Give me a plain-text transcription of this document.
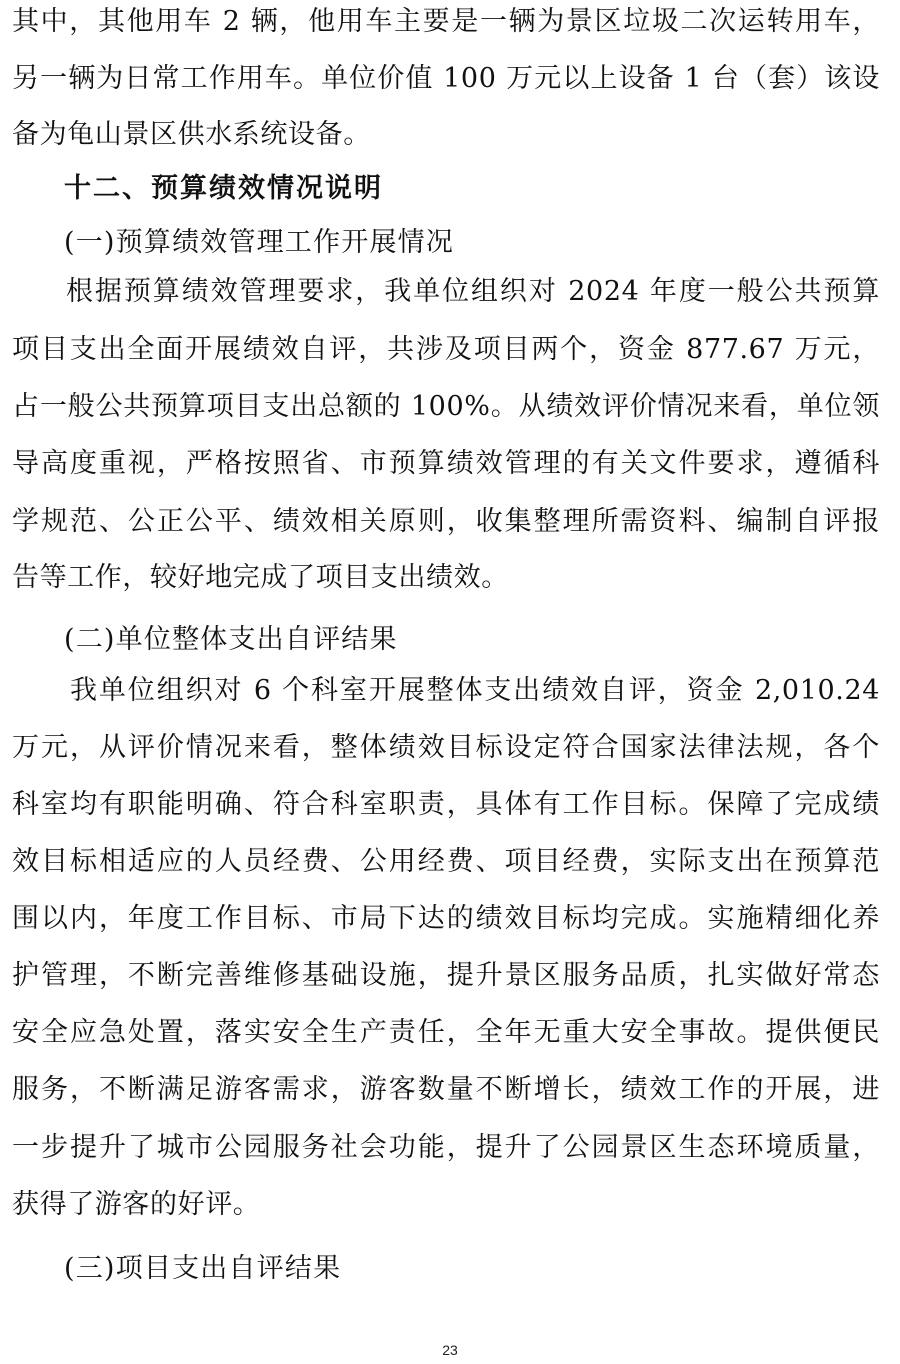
其中，其他用车 2 辆，他用车主要是一辆为景区垃圾二次运转用车，
另一辆为日常工作用车。单位价值 100 万元以上设备 1 台（套）该设
备为龟山景区供水系统设备。
十二、预算绩效情况说明
(一)预算绩效管理工作开展情况
根据预算绩效管理要求，我单位组织对 2024 年度一般公共预算
项目支出全面开展绩效自评，共涉及项目两个，资金 877.67 万元，
占一般公共预算项目支出总额的 100%。从绩效评价情况来看，单位领
导高度重视，严格按照省、市预算绩效管理的有关文件要求，遵循科
学规范、公正公平、绩效相关原则，收集整理所需资料、编制自评报
告等工作，较好地完成了项目支出绩效。
(二)单位整体支出自评结果
我单位组织对 6 个科室开展整体支出绩效自评，资金 2,010.24
万元，从评价情况来看，整体绩效目标设定符合国家法律法规，各个
科室均有职能明确、符合科室职责，具体有工作目标。保障了完成绩
效目标相适应的人员经费、公用经费、项目经费，实际支出在预算范
围以内，年度工作目标、市局下达的绩效目标均完成。实施精细化养
护管理，不断完善维修基础设施，提升景区服务品质，扎实做好常态
安全应急处置，落实安全生产责任，全年无重大安全事故。提供便民
服务，不断满足游客需求，游客数量不断增长，绩效工作的开展，进
一步提升了城市公园服务社会功能，提升了公园景区生态环境质量，
获得了游客的好评。
(三)项目支出自评结果
23
